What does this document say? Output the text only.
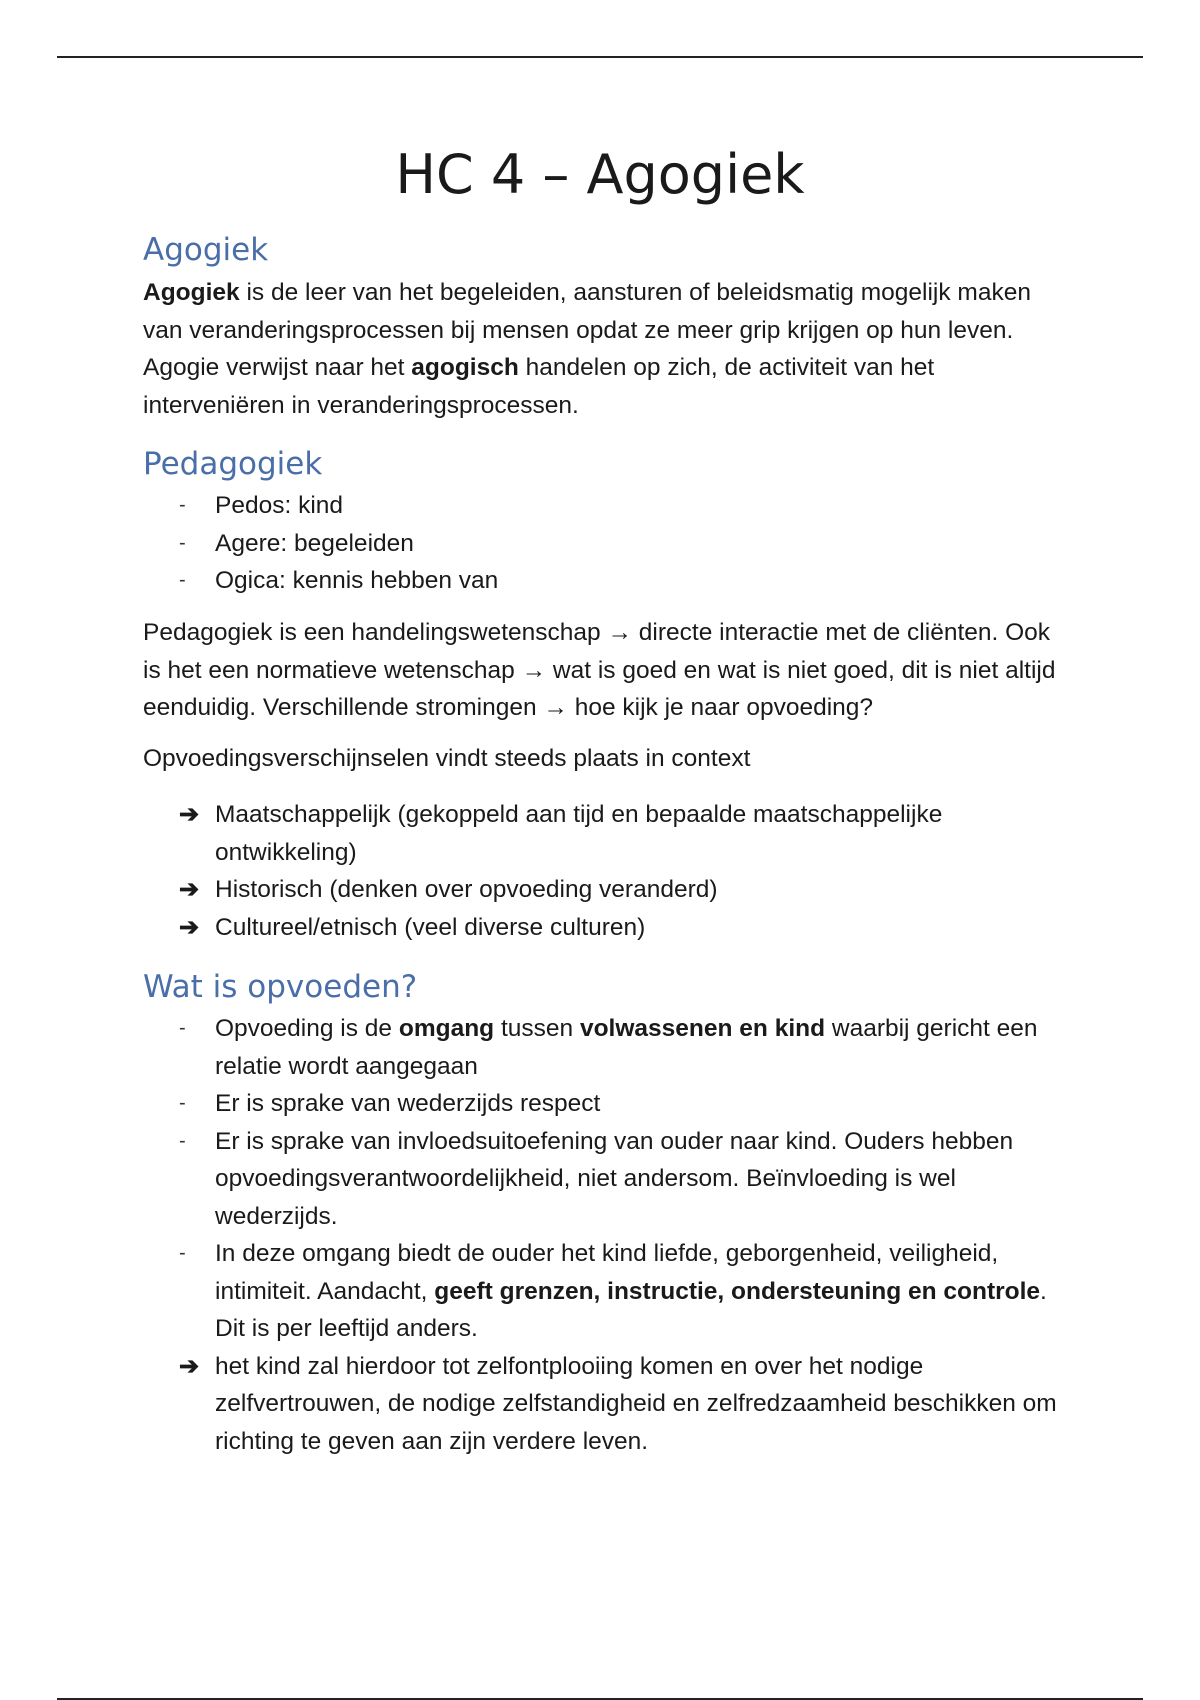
HC 4 – Agogiek
Agogiek

Agogiek is de leer van het begeleiden, aansturen of beleidsmatig mogelijk maken van veranderingsprocessen bij mensen opdat ze meer grip krijgen op hun leven. Agogie verwijst naar het agogisch handelen op zich, de activiteit van het interveniëren in veranderingsprocessen.

Pedagogiek
-	Pedos: kind
-	Agere: begeleiden
-	Ogica: kennis hebben van

Pedagogiek is een handelingswetenschap → directe interactie met de cliënten. Ook is het een normatieve wetenschap → wat is goed en wat is niet goed, dit is niet altijd eenduidig. Verschillende stromingen → hoe kijk je naar opvoeding?

Opvoedingsverschijnselen vindt steeds plaats in context

➔ Maatschappelijk (gekoppeld aan tijd en bepaalde maatschappelijke ontwikkeling)
➔ Historisch (denken over opvoeding veranderd)
➔ Cultureel/etnisch (veel diverse culturen)
Wat is opvoeden?
-	Opvoeding is de omgang tussen volwassenen en kind waarbij gericht een relatie wordt aangegaan
-	Er is sprake van wederzijds respect
-	Er is sprake van invloedsuitoefening van ouder naar kind. Ouders hebben opvoedingsverantwoordelijkheid, niet andersom. Beïnvloeding is wel wederzijds.
-	In deze omgang biedt de ouder het kind liefde, geborgenheid, veiligheid, intimiteit. Aandacht, geeft grenzen, instructie, ondersteuning en controle. Dit is per leeftijd anders.
➔ het kind zal hierdoor tot zelfontplooiing komen en over het nodige zelfvertrouwen, de nodige zelfstandigheid en zelfredzaamheid beschikken om richting te geven aan zijn verdere leven.
